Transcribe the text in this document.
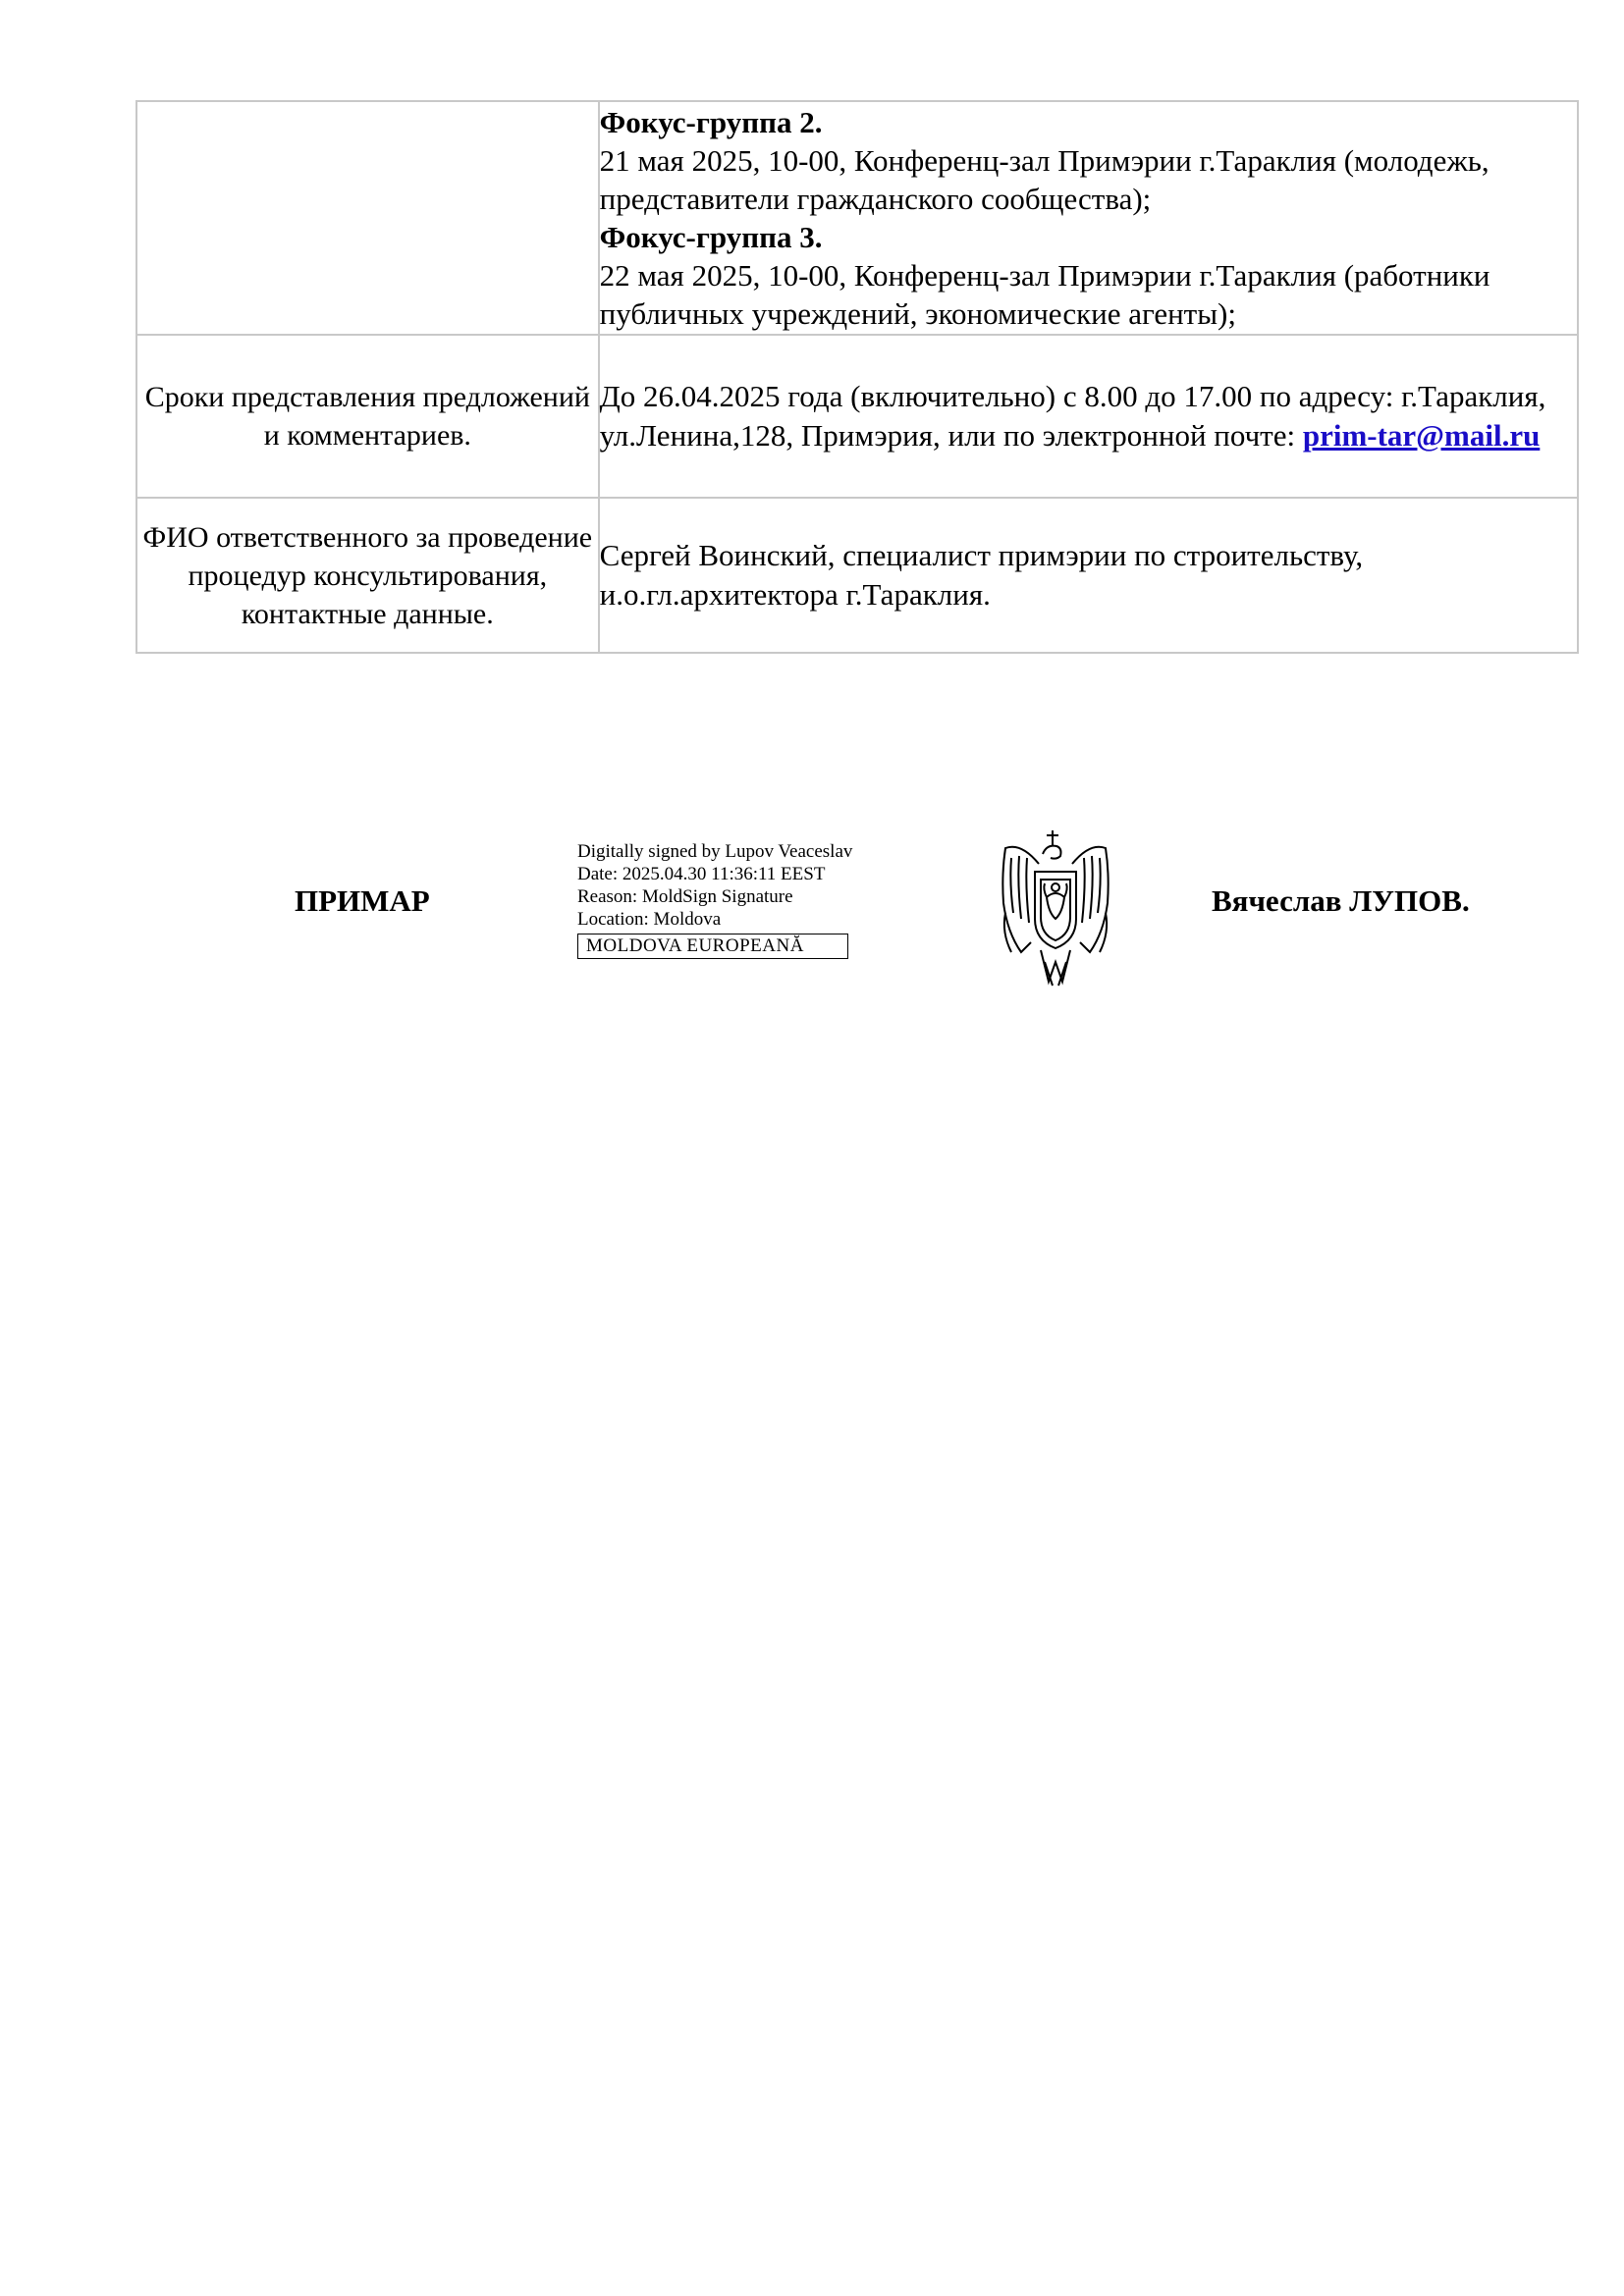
	Фокус-группа 2.
21 мая 2025, 10-00, Конференц-зал Примэрии г.Тараклия (молодежь, представители гражданского сообщества);
Фокус-группа 3.
22 мая 2025, 10-00, Конференц-зал Примэрии г.Тараклия (работники публичных учреждений, экономические агенты);

Сроки представления предложений и комментариев.	До 26.04.2025 года (включительно) с 8.00 до 17.00 по адресу: г.Тараклия, ул.Ленина,128, Примэрия, или по электронной почте: prim-tar@mail.ru
ФИО ответственного за проведение процедур консультирования, контактные данные.	Сергей Воинский, специалист примэрии по строительству, и.о.гл.архитектора г.Тараклия.
ПРИМАР
Digitally signed by Lupov Veaceslav
Date: 2025.04.30 11:36:11 EEST
Reason: MoldSign Signature
Location: Moldova
MOLDOVA EUROPEANĂ
Вячеслав ЛУПОВ.
